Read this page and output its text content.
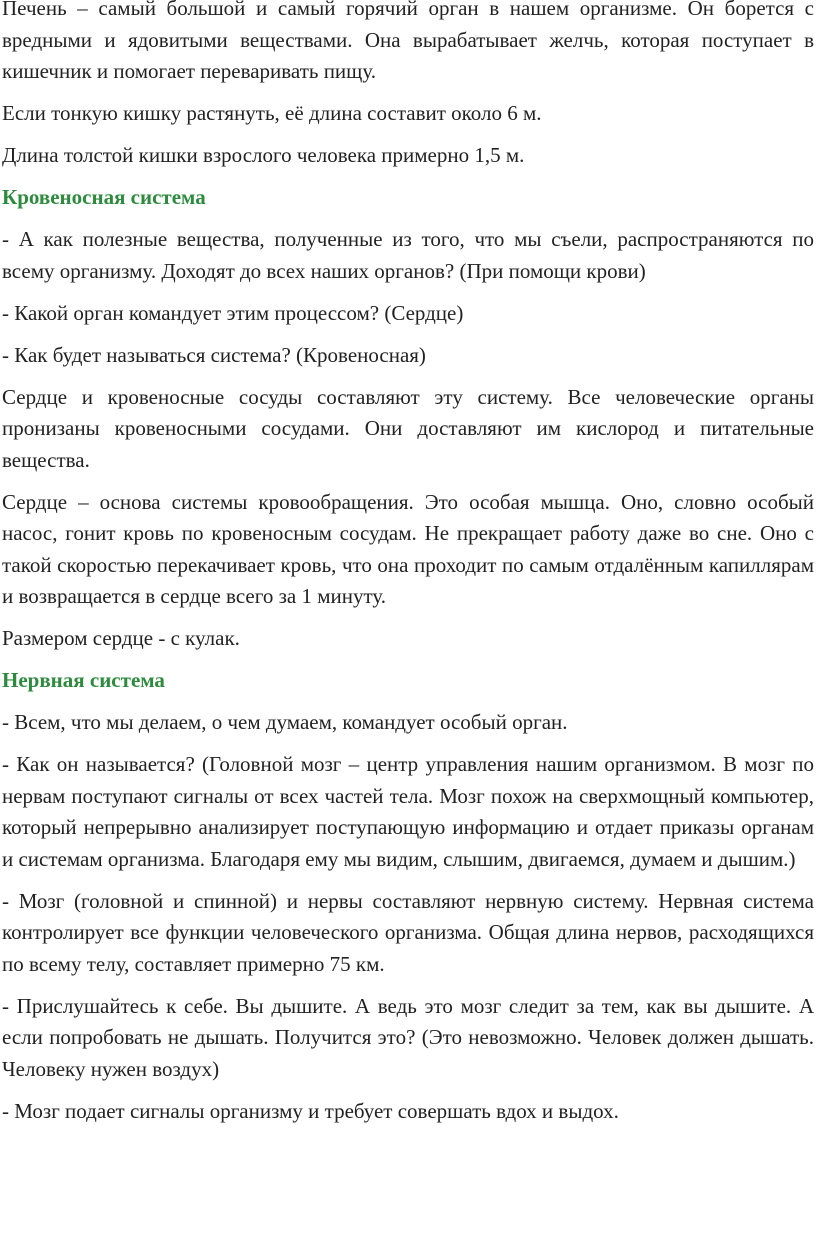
Печень – самый большой и самый горячий орган в нашем организме. Он борется с вредными и ядовитыми веществами. Она вырабатывает желчь, которая поступает в кишечник и помогает переваривать пищу.

Если тонкую кишку растянуть, её длина составит около 6 м.

Длина толстой кишки взрослого человека примерно 1,5 м.

Кровеносная система

- А как полезные вещества, полученные из того, что мы съели, распространяются по всему организму. Доходят до всех наших органов? (При помощи крови)

- Какой орган командует этим процессом? (Сердце)

- Как будет называться система? (Кровеносная)

Сердце и кровеносные сосуды составляют эту систему. Все человеческие органы пронизаны кровеносными сосудами. Они доставляют им кислород и питательные вещества.

Сердце – основа системы кровообращения. Это особая мышца. Оно, словно особый насос, гонит кровь по кровеносным сосудам. Не прекращает работу даже во сне. Оно с такой скоростью перекачивает кровь, что она проходит по самым отдалённым капиллярам и возвращается в сердце всего за 1 минуту.

Размером сердце - с кулак.

Нервная система

- Всем, что мы делаем, о чем думаем, командует особый орган.

- Как он называется? (Головной мозг – центр управления нашим организмом. В мозг по нервам поступают сигналы от всех частей тела. Мозг похож на сверхмощный компьютер, который непрерывно анализирует поступающую информацию и отдает приказы органам и системам организма. Благодаря ему мы видим, слышим, двигаемся, думаем и дышим.)

- Мозг (головной и спинной) и нервы составляют нервную систему. Нервная система контролирует все функции человеческого организма. Общая длина нервов, расходящихся по всему телу, составляет примерно 75 км.

- Прислушайтесь к себе. Вы дышите. А ведь это мозг следит за тем, как вы дышите. А если попробовать не дышать. Получится это? (Это невозможно. Человек должен дышать. Человеку нужен воздух)

- Мозг подает сигналы организму и требует совершать вдох и выдох.
